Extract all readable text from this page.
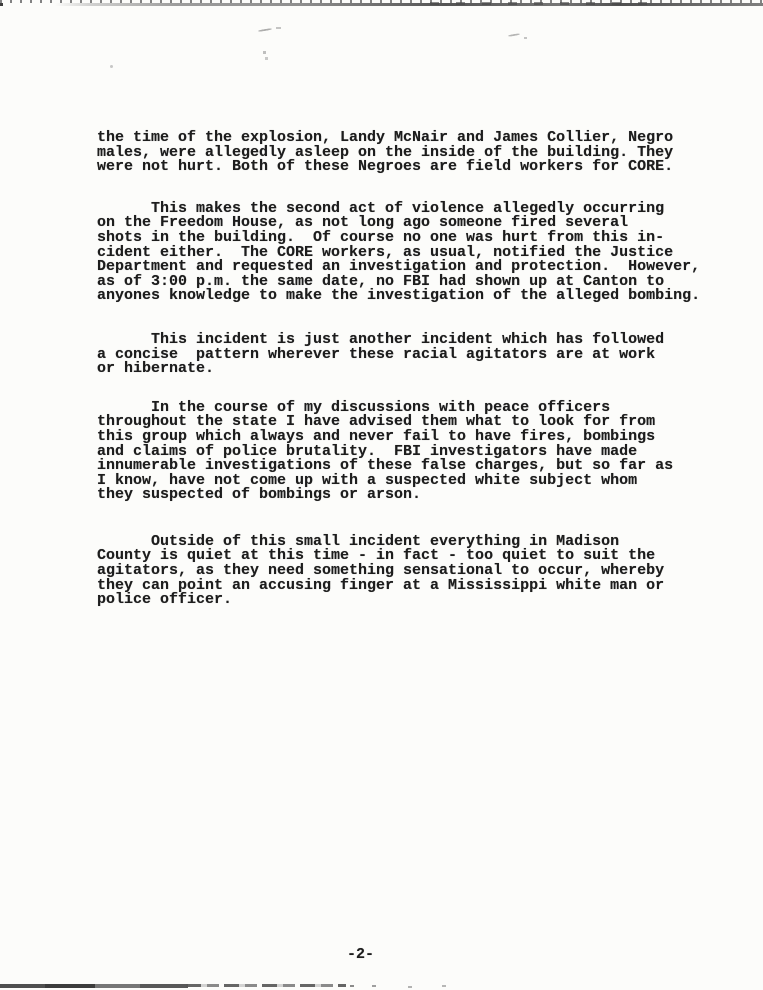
the time of the explosion, Landy McNair and James Collier, Negro
males, were allegedly asleep on the inside of the building. They
were not hurt. Both of these Negroes are field workers for CORE.
This makes the second act of violence allegedly occurring
on the Freedom House, as not long ago someone fired several
shots in the building.  Of course no one was hurt from this in-
cident either.  The CORE workers, as usual, notified the Justice
Department and requested an investigation and protection.  However,
as of 3:00 p.m. the same date, no FBI had shown up at Canton to
anyones knowledge to make the investigation of the alleged bombing.
This incident is just another incident which has followed
a concise  pattern wherever these racial agitators are at work
or hibernate.
In the course of my discussions with peace officers
throughout the state I have advised them what to look for from
this group which always and never fail to have fires, bombings
and claims of police brutality.  FBI investigators have made
innumerable investigations of these false charges, but so far as
I know, have not come up with a suspected white subject whom
they suspected of bombings or arson.
Outside of this small incident everything in Madison
County is quiet at this time - in fact - too quiet to suit the
agitators, as they need something sensational to occur, whereby
they can point an accusing finger at a Mississippi white man or
police officer.
-2-
